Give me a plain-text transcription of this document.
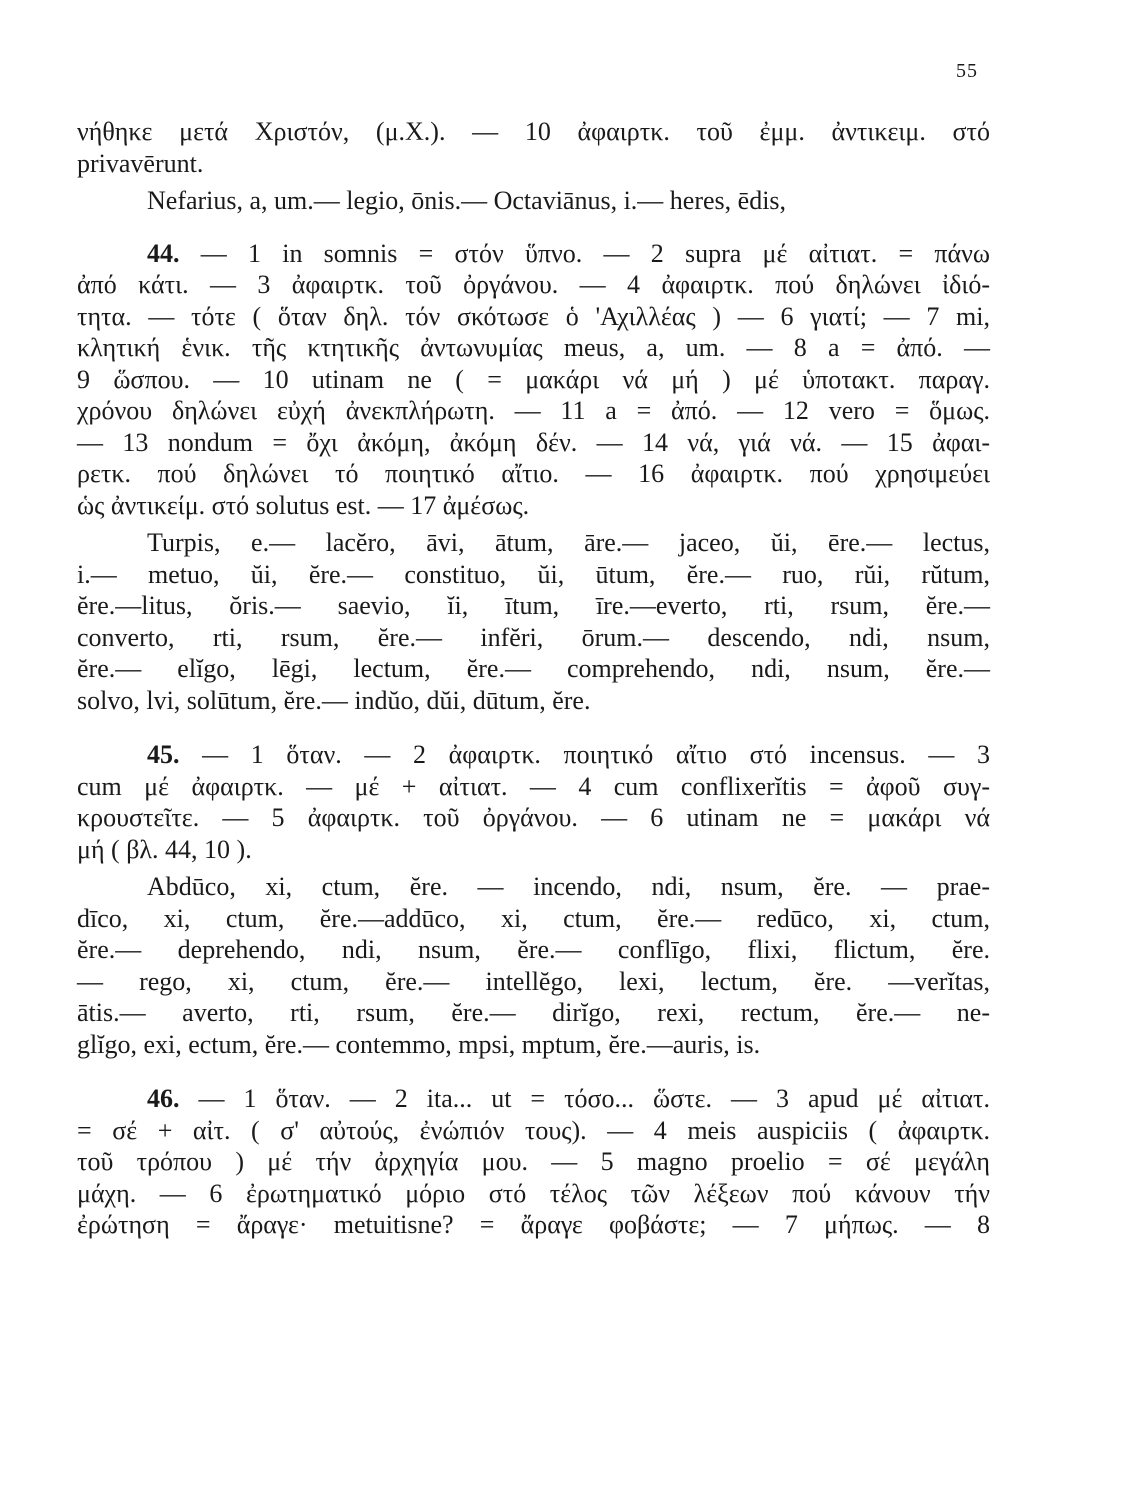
55
νήθηκε μετά Χριστόν, (μ.Χ.). — 10 ἀφαιρτκ. τοῦ ἐμμ. ἀντικειμ. στό
privavērunt.
Nefarius, a, um.— legio, ōnis.— Octaviānus, i.— heres, ēdis,
44. — 1 in somnis = στόν ὕπνο. — 2 supra μέ αἰτιατ. = πάνω
ἀπό κάτι. — 3 ἀφαιρτκ. τοῦ ὀργάνου. — 4 ἀφαιρτκ. πού δηλώνει ἰδιό-
τητα. — τότε ( ὅταν δηλ. τόν σκότωσε ὁ 'Αχιλλέας ) — 6 γιατί; — 7 mi,
κλητική ἑνικ. τῆς κτητικῆς ἀντωνυμίας meus, a, um. — 8 a = ἀπό. —
9 ὥσπου. — 10 utinam ne ( = μακάρι νά μή ) μέ ὑποτακτ. παραγ.
χρόνου δηλώνει εὐχή ἀνεκπλήρωτη. — 11 a = ἀπό. — 12 vero = ὅμως.
— 13 nondum = ὄχι ἀκόμη, ἀκόμη δέν. — 14 νά, γιά νά. — 15 ἀφαι-
ρετκ. πού δηλώνει τό ποιητικό αἴτιο. — 16 ἀφαιρτκ. πού χρησιμεύει
ὡς ἀντικείμ. στό solutus est. — 17 ἀμέσως.
Turpis, e.— lacĕro, āvi, ātum, āre.— jaceo, ŭi, ēre.— lectus,
i.— metuo, ŭi, ĕre.— constituo, ŭi, ūtum, ĕre.— ruo, rŭi, rŭtum,
ĕre.—litus, ŏris.— saevio, ĭi, ītum, īre.—everto, rti, rsum, ĕre.—
converto, rti, rsum, ĕre.— infĕri, ōrum.— descendo, ndi, nsum,
ĕre.— elĭgo, lēgi, lectum, ĕre.— comprehendo, ndi, nsum, ĕre.—
solvo, lvi, solūtum, ĕre.— indŭo, dŭi, dūtum, ĕre.
45. — 1 ὅταν. — 2 ἀφαιρτκ. ποιητικό αἴτιο στό incensus. — 3
cum μέ ἀφαιρτκ. — μέ + αἰτιατ. — 4 cum conflixerĭtis = ἀφοῦ συγ-
κρουστεῖτε. — 5 ἀφαιρτκ. τοῦ ὀργάνου. — 6 utinam ne = μακάρι νά
μή ( βλ. 44, 10 ).
Abdūco, xi, ctum, ĕre. — incendo, ndi, nsum, ĕre. — prae-
dīco, xi, ctum, ĕre.—addūco, xi, ctum, ĕre.— redūco, xi, ctum,
ĕre.— deprehendo, ndi, nsum, ĕre.— conflīgo, flixi, flictum, ĕre.
— rego, xi, ctum, ĕre.— intellĕgo, lexi, lectum, ĕre. —verĭtas,
ātis.— averto, rti, rsum, ĕre.— dirĭgo, rexi, rectum, ĕre.— ne-
glĭgo, exi, ectum, ĕre.— contemmo, mpsi, mptum, ĕre.—auris, is.
46. — 1 ὅταν. — 2 ita... ut = τόσο... ὥστε. — 3 apud μέ αἰτιατ.
= σέ + αἰτ. ( σ' αὐτούς, ἐνώπιόν τους). — 4 meis auspiciis ( ἀφαιρτκ.
τοῦ τρόπου ) μέ τήν ἀρχηγία μου. — 5 magno proelio = σέ μεγάλη
μάχη. — 6 ἐρωτηματικό μόριο στό τέλος τῶν λέξεων πού κάνουν τήν
ἐρώτηση = ἄραγε· metuitisne? = ἄραγε φοβάστε; — 7 μήπως. — 8
